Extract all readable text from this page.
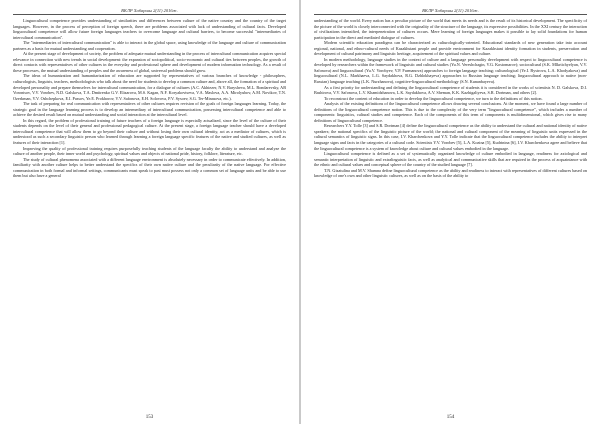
ВКЛР Хабаршы 2(11) 2016ж.

Linguocultural competence provides understanding of similarities and differences between culture of the native country and the country of the target languages. However, in the process of perception of foreign speech, there are problems associated with lack of understanding of cultural facts. Developed linguocultural competence will allow future foreign languages teachers to overcome language and cultural barriers, to become successful "intermediaries of intercultural communication".

The "intermediaries of intercultural communication" is able to interact in the global space, using knowledge of the language and culture of communication partners as a basis for mutual understanding and cooperation.

At the present stage of development of society, the problem of adequate mutual understanding in the process of intercultural communication acquires special relevance in connection with new trends in social development: the expansion of sociopolitical, socio-economic and cultural ties between peoples, the growth of direct contacts with representatives of other cultures in the everyday and professional sphere and development of modern information technology. As a result of these processes, the mutual understanding of peoples and the awareness of global, universal problems should grow.

The ideas of humanization and humanitarization of education are supported by representatives of various branches of knowledge - philosophers, culturologists, linguists, teachers, methodologists who talk about the need for students to develop a common culture and, above all, the formation of a spiritual and developed personality and prepare themselves for intercultural communication, for a dialogue of cultures (A.C. Akhiezer, N.V. Barysheva, M.L. Bondarevsky, AB Vorontsov, V.V. Vorobev, N.D. Galskova, T.A. Dmitrenko G.V. Elizarova, M.S. Kagan, N.F. Koryakovtseva, V.A. Maslova, A.A. Mirolyubov, A.M. Novikov, T.N. Ozerkman, V.V. Oshchepkova, E.I. Passov, Ye.E. Prokhorov, V.V. Safonova, E.H. Solovova, P.V. Sysoev, S.G. Ter-Minasova, etc.).

The task of preparing for real communication with representatives of other cultures requires revision of the goals of foreign languages learning. Today, the strategic goal in the language learning process is to develop an intermediary of intercultural communication, possessing intercultural competence and able to achieve the desired result based on mutual understanding and social interaction at the intercultural level.

In this regard, the problem of professional training of future teachers of a foreign language is especially actualized, since the level of the culture of their students depends on the level of their general and professional pedagogical culture. At the present stage, a foreign language teacher should have a developed intercultural competence that will allow them to go beyond their culture and without losing their own cultural identity, act as a mediator of cultures, which is understood as such a secondary linguistic person who learned through learning a foreign language specific features of the native and studied cultures, as well as features of their interaction [1].

Improving the quality of professional training requires purposefully teaching students of the language faculty the ability to understand and analyze the culture of another people, their inner world and psychology, spiritual values and objects of national pride, history, folklore, literature, etc.

The study of cultural phenomena associated with a different language environment is absolutely necessary in order to communicate effectively. In addition, familiarity with another culture helps to better understand the specifics of their own native culture and the peculiarity of the native language. For effective communication in both formal and informal settings, communicants must speak to past must possess not only a common set of language units and be able to use them but also have a general

153
ВКЛР Хабаршы 2(11) 2016ж.

understanding of the world. Every nation has a peculiar picture of the world that meets its needs and is the result of its historical development. The specificity of the picture of the world is closely interconnected with the originality of the structure of the language, its expressive possibilities. In the XXI century the interaction of civilizations intensified, the interpenetration of cultures occurs. Mere learning of foreign languages makes it possible to lay solid foundations for human participation in the direct and mediated dialogue of cultures.

Modern scientific education paradigms can be characterized as culturologically-oriented. Educational standards of new generation take into account regional, national, and ethno-cultural needs of Kazakhstani people and provide environment for Kazakhstani identity formation in students, preservation and development of cultural patrimony and linguistic heritage, acquirement of the spiritual values and culture.

In modern methodology, language studies in the context of culture and a language personality development with respect to linguocultural competence is developed by researchers within the framework of linguistic and cultural studies (Yu.N. Vereshchagin, V.G. Kostomarov); sociocultural (S.K. Mlkrtichyelyan, V.V. Safonova) and linguocultural (Yu.V. Vorobyev, V.P. Furmanova) approaches to foreign language teaching; culturological (Ye.I. Bystrova, L.A. Khodyakova) and linguocultural (N.L. Markhaeva, L.G. Saydakhova, R.G. Dzhlokhayeva) approaches to Russian language teaching; linguocultural approach to native (non-Russian) language teaching (L.K. Nurzhanova), cognitive-linguocultural methodology (S.N. Kunanbayeva).

As a first priority for understanding and defining the linguocultural competence of students it is considered in the works of scientists N. D. Galskova, D.I. Bashirova, V.V. Safonova, L.V. Khamidzhanova, L.K. Saydakhova, A.V. Sheman, K.K. Kazhigaliyeva, S.R. Dortman, and others [2].

To reconstruct the content of education in order to develop the linguocultural competence, we turn to the definitions of this notion.

Analysis of the existing definitions of the linguocultural competence allows drawing several conclusions. At the moment, we have found a large number of definitions of the linguocultural competence notion. This is due to the complexity of the very term "linguocultural competence", which includes a number of components: linguistics, cultural studies and competence. Each of the components of this term of components is multidimensional, which gives rise to many definitions of linguocultural competence.

Researchers Y.Y. Tolle [3] and S.R. Dortman [4] define the linguocultural competence as the ability to understand the cultural and national identity of native speakers; the national specifics of the linguistic picture of the world; the national and cultural component of the meaning of linguistic units expressed in the cultural semantics of linguistic signs. In this case, I.V. Kharchenkova and Y.Y. Tolle indicate that the linguocultural competence includes the ability to interpret language signs and facts in the categories of a cultural code. Scientists Y.V. Vorobev [5], L.A. Kozina [5], Kudrinina [6], I.V. Kharchenkova agree and believe that the linguocultural competence is a system of knowledge about culture and cultural values embodied in the language.

Linguocultural competence is defined as a set of systematically organized knowledge of culture embodied in language, readiness for axiological and semantic interpretation of linguistic and extralinguistic facts, as well as analytical and communicative skills that are required in the process of acquaintance with the ethnic and cultural values and conceptual sphere of the country of the studied language [7].

T.N. Gizatulina and M.V. Shamna define linguocultural competence as the ability and readiness to interact with representatives of different cultures based on knowledge of one's own and other linguistic cultures, as well as on the basis of the ability to

154
